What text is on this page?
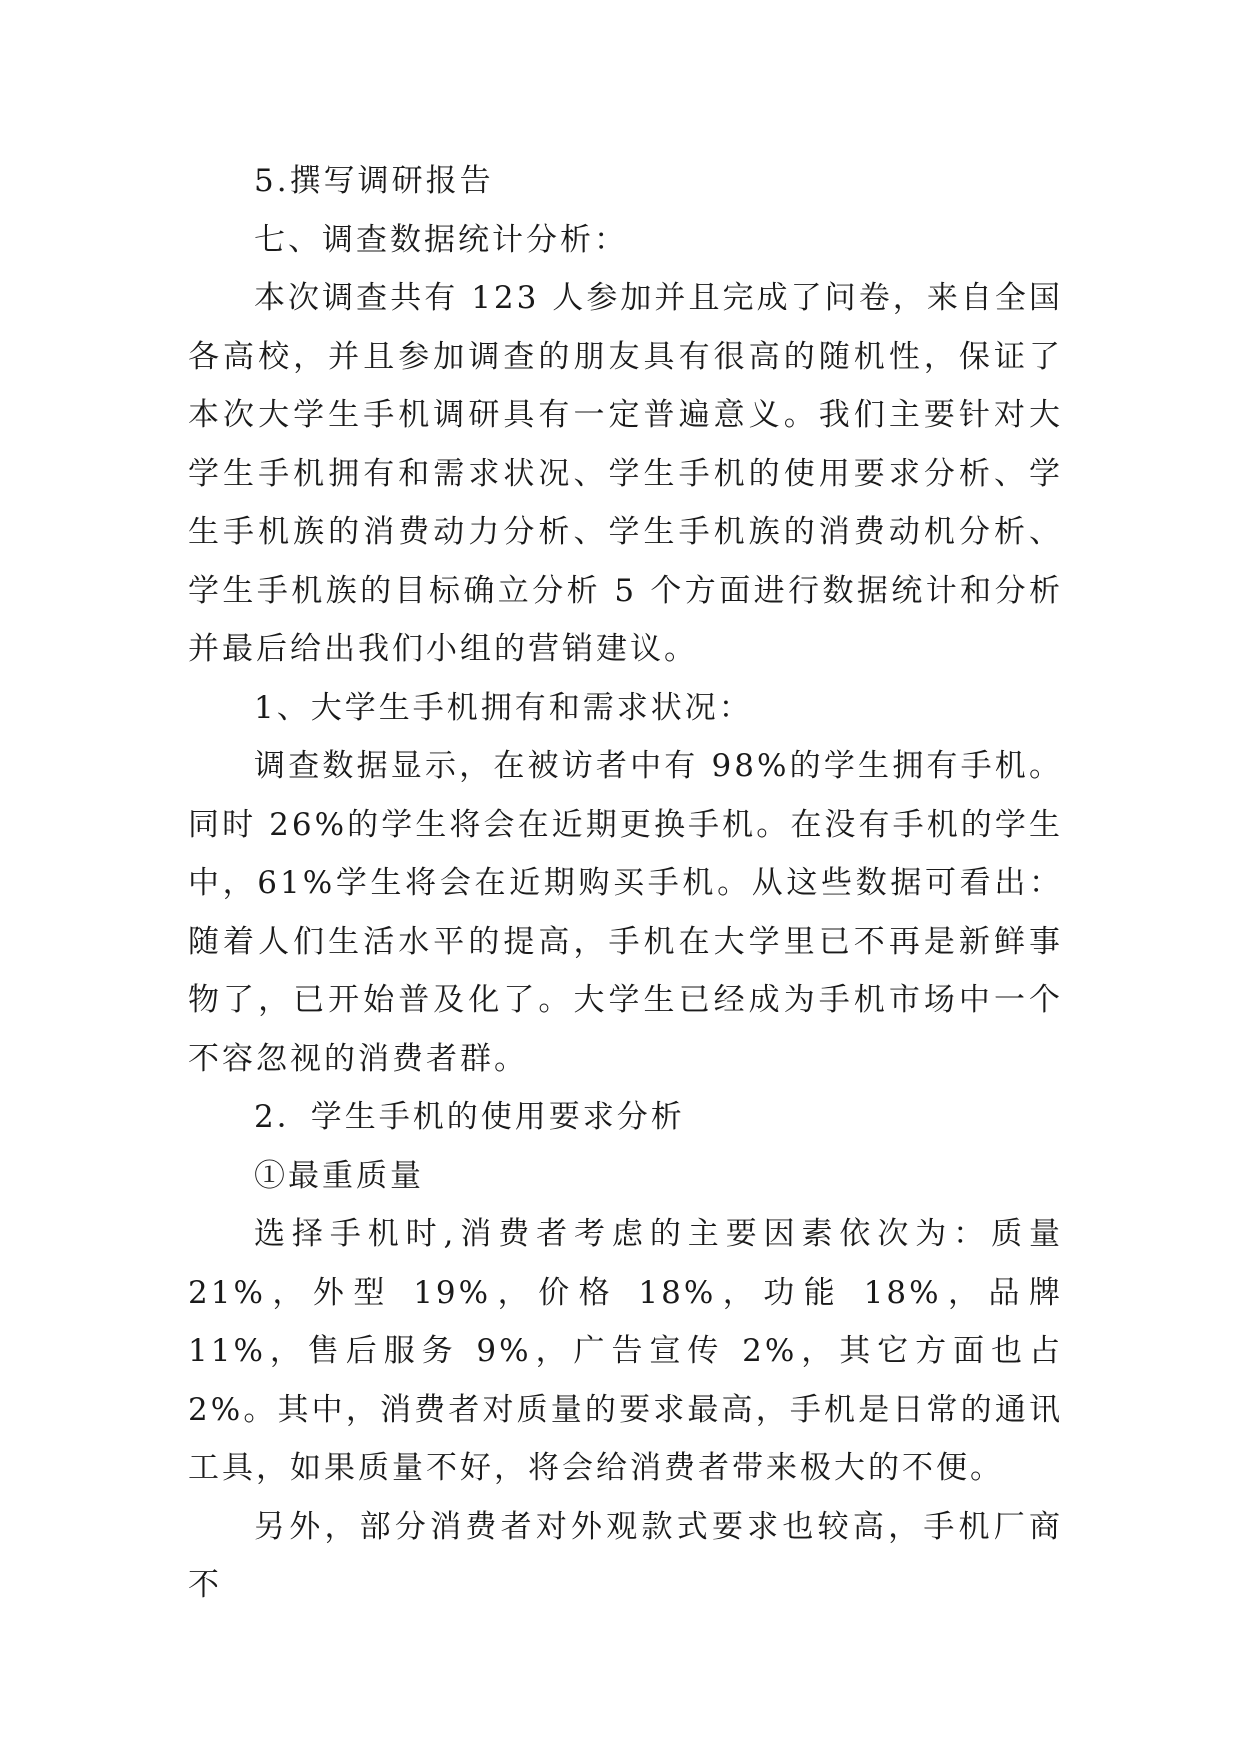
5.撰写调研报告

七、调查数据统计分析：

本次调查共有 123 人参加并且完成了问卷，来自全国各高校，并且参加调查的朋友具有很高的随机性，保证了本次大学生手机调研具有一定普遍意义。我们主要针对大学生手机拥有和需求状况、学生手机的使用要求分析、学生手机族的消费动力分析、学生手机族的消费动机分析、学生手机族的目标确立分析 5 个方面进行数据统计和分析并最后给出我们小组的营销建议。

1、大学生手机拥有和需求状况：

调查数据显示，在被访者中有 98%的学生拥有手机。同时 26%的学生将会在近期更换手机。在没有手机的学生中，61%学生将会在近期购买手机。从这些数据可看出：随着人们生活水平的提高，手机在大学里已不再是新鲜事物了，已开始普及化了。大学生已经成为手机市场中一个不容忽视的消费者群。

2．学生手机的使用要求分析

①最重质量

选择手机时,消费者考虑的主要因素依次为：质量 21%，外型 19%，价格 18%，功能 18%，品牌 11%，售后服务 9%，广告宣传 2%，其它方面也占 2%。其中，消费者对质量的要求最高，手机是日常的通讯工具，如果质量不好，将会给消费者带来极大的不便。

另外，部分消费者对外观款式要求也较高，手机厂商不
